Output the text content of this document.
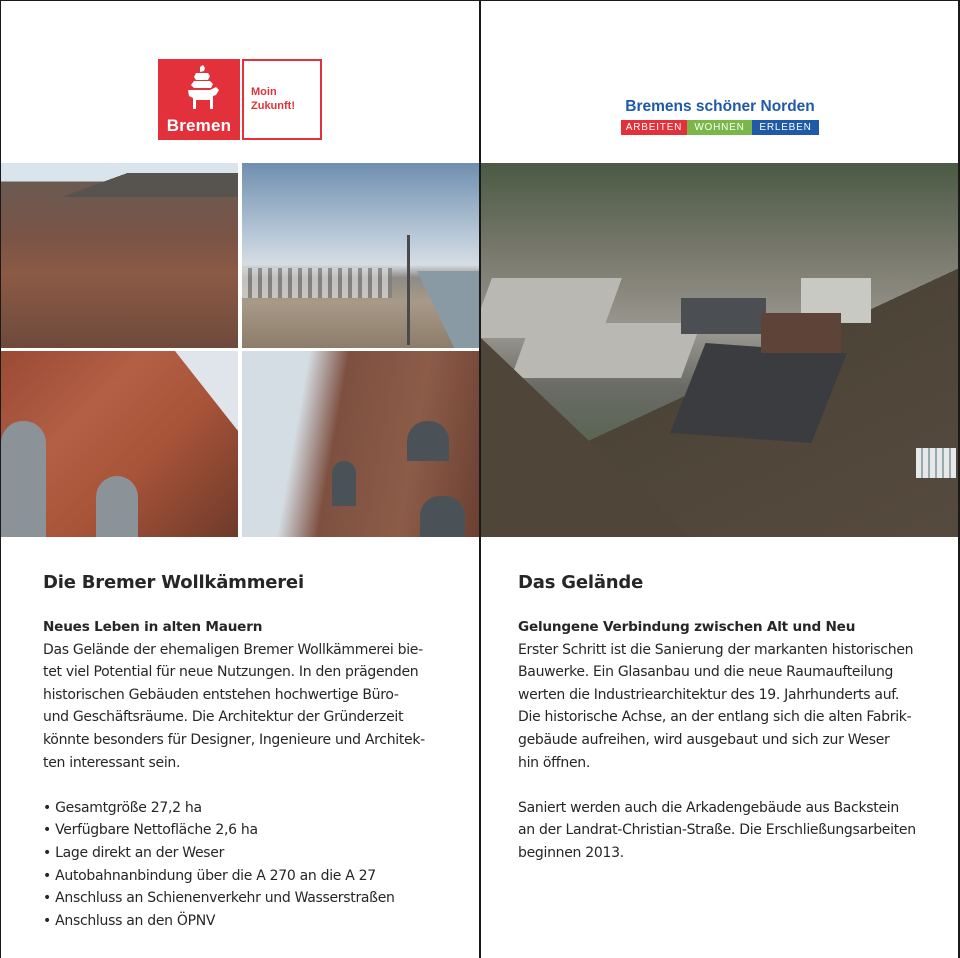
Bremen
Moin
Zukunft!
Die Bremer Wollkämmerei
Neues Leben in alten Mauern

Das Gelände der ehemaligen Bremer Wollkämmerei bie-
tet viel Potential für neue Nutzungen. In den prägenden
historischen Gebäuden entstehen hochwertige Büro-
und Geschäftsräume. Die Architektur der Gründerzeit
könnte besonders für Designer, Ingenieure und Architek-
ten interessant sein.

• Gesamtgröße 27,2 ha
• Verfügbare Nettofläche 2,6 ha
• Lage direkt an der Weser
• Autobahnanbindung über die A 270 an die A 27
• Anschluss an Schienenverkehr und Wasserstraßen
• Anschluss an den ÖPNV
Bremens schöner Norden
ARBEITEN	WOHNEN	ERLEBEN
Das Gelände
Gelungene Verbindung zwischen Alt und Neu

Erster Schritt ist die Sanierung der markanten historischen
Bauwerke. Ein Glasanbau und die neue Raumaufteilung
werten die Industriearchitektur des 19. Jahrhunderts auf.
Die historische Achse, an der entlang sich die alten Fabrik-
gebäude aufreihen, wird ausgebaut und sich zur Weser
hin öffnen.

Saniert werden auch die Arkadengebäude aus Backstein
an der Landrat-Christian-Straße. Die Erschließungsarbeiten
beginnen 2013.
